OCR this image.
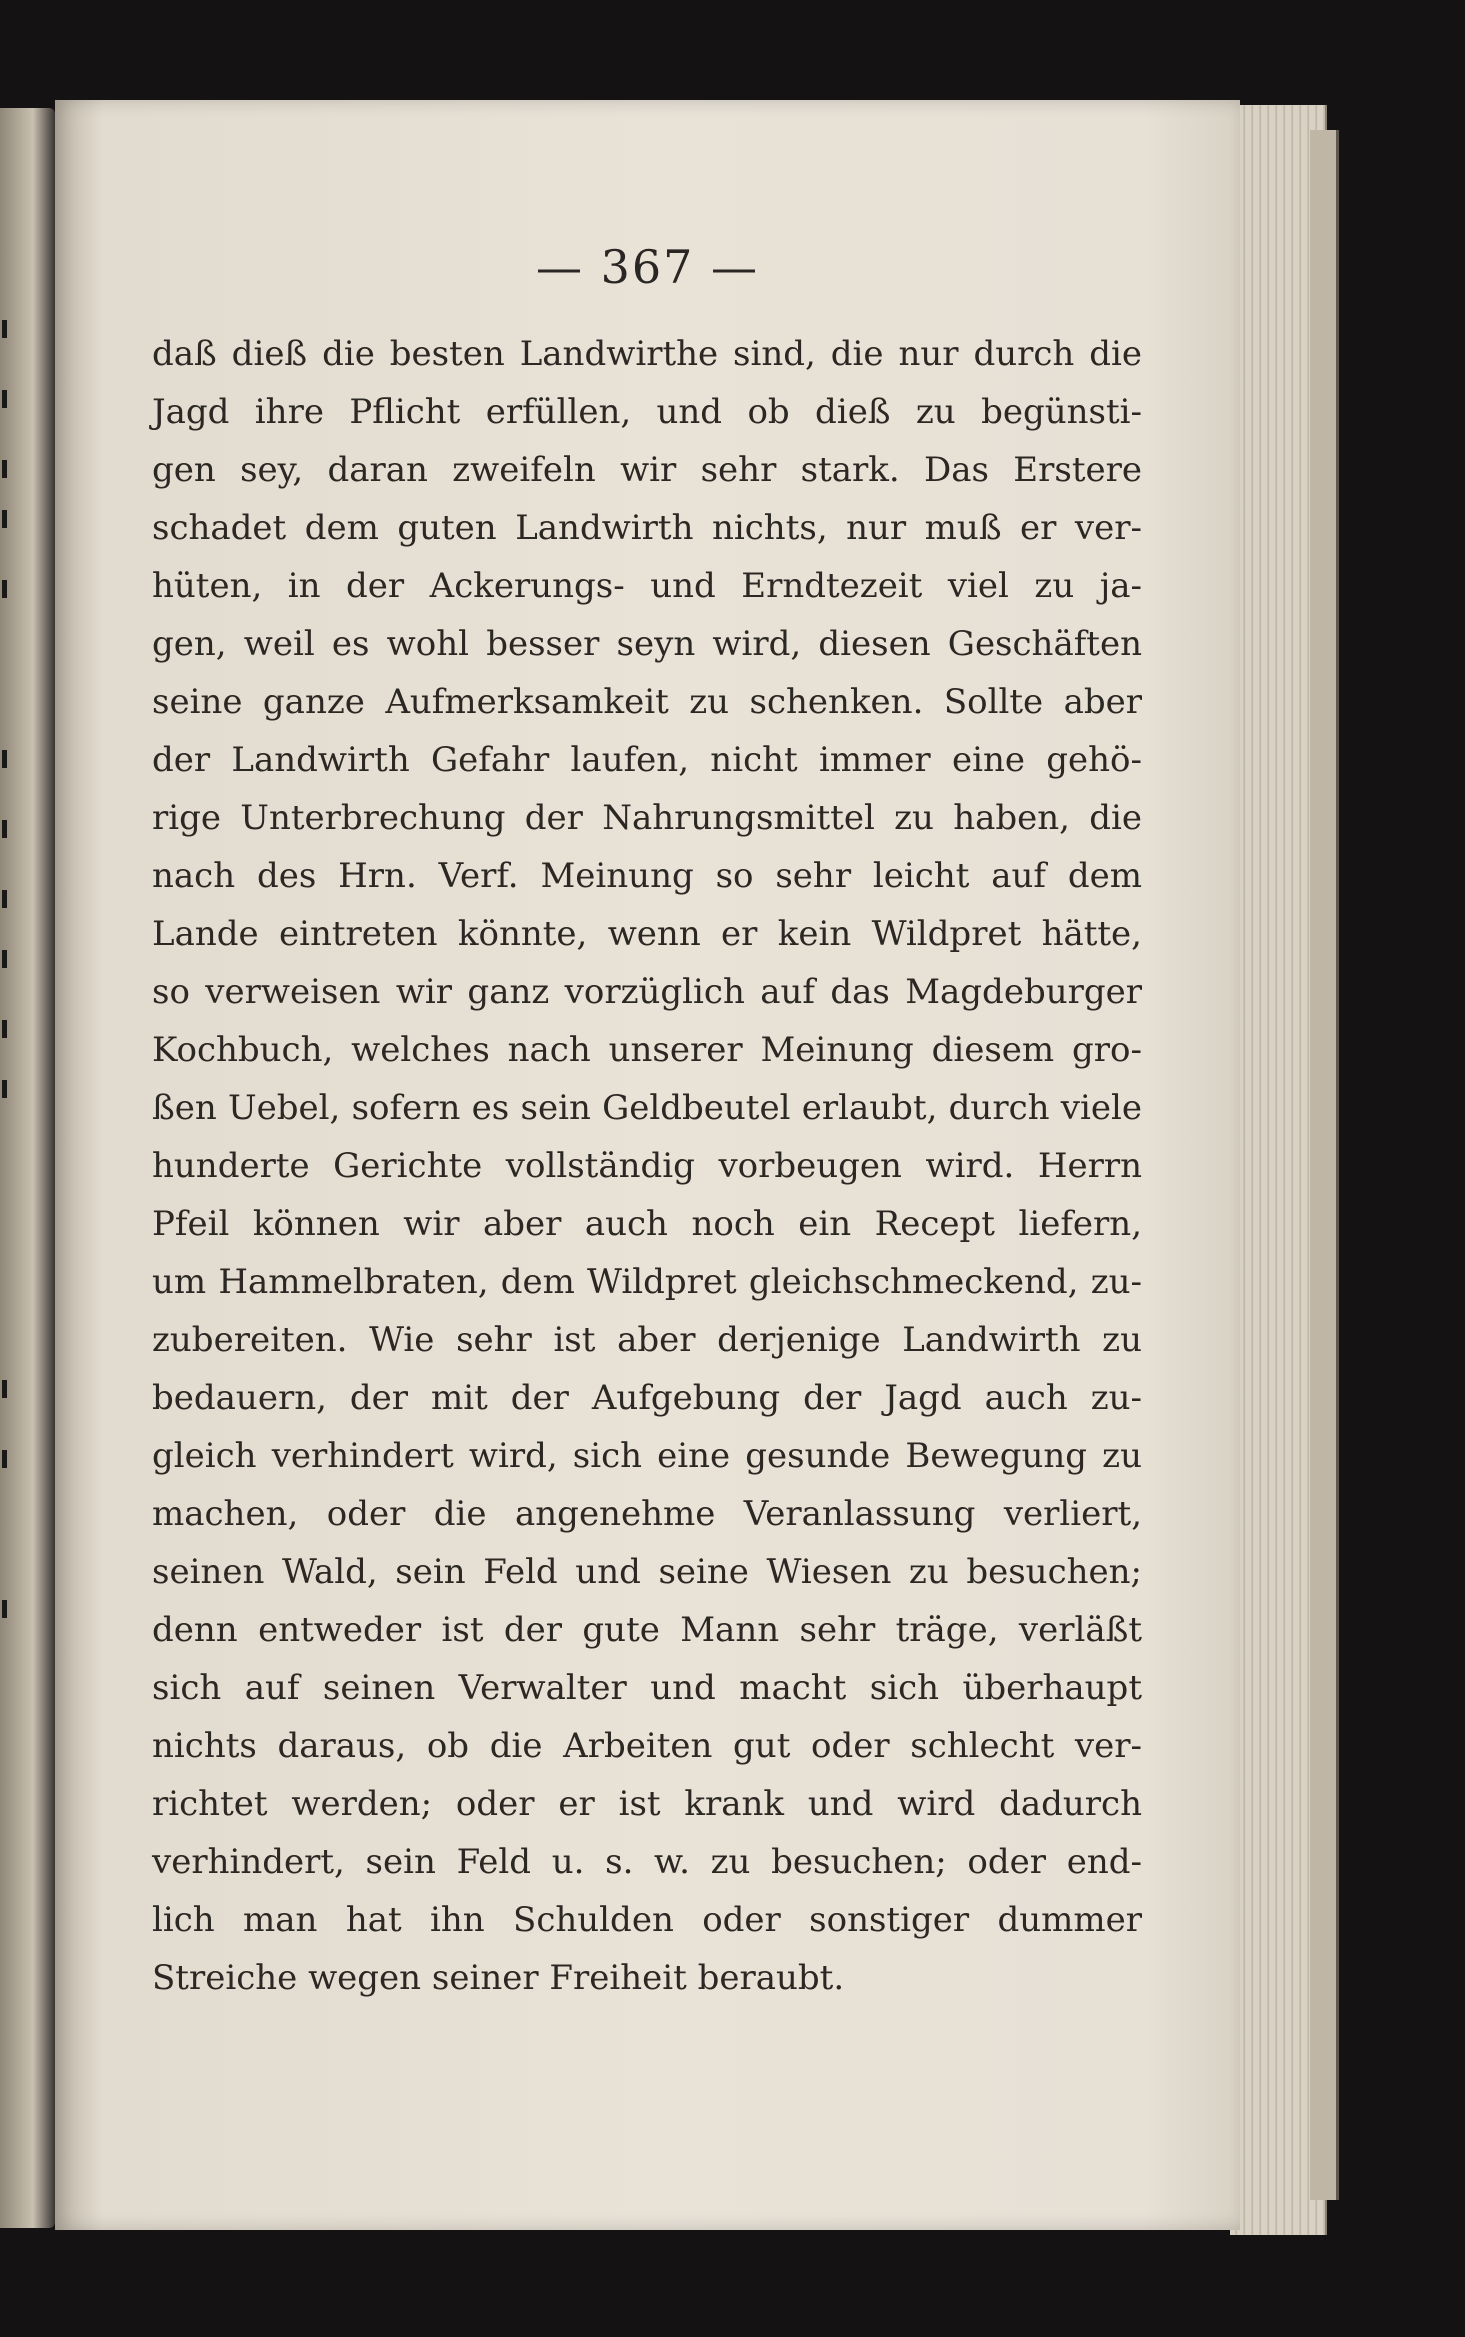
— 367 —
daß dieß die besten Landwirthe sind, die nur durch die
Jagd ihre Pflicht erfüllen, und ob dieß zu begünsti-
gen sey, daran zweifeln wir sehr stark. Das Erstere
schadet dem guten Landwirth nichts, nur muß er ver-
hüten, in der Ackerungs- und Erndtezeit viel zu ja-
gen, weil es wohl besser seyn wird, diesen Geschäften
seine ganze Aufmerksamkeit zu schenken. Sollte aber
der Landwirth Gefahr laufen, nicht immer eine gehö-
rige Unterbrechung der Nahrungsmittel zu haben, die
nach des Hrn. Verf. Meinung so sehr leicht auf dem
Lande eintreten könnte, wenn er kein Wildpret hätte,
so verweisen wir ganz vorzüglich auf das Magdeburger
Kochbuch, welches nach unserer Meinung diesem gro-
ßen Uebel, sofern es sein Geldbeutel erlaubt, durch viele
hunderte Gerichte vollständig vorbeugen wird. Herrn
Pfeil können wir aber auch noch ein Recept liefern,
um Hammelbraten, dem Wildpret gleichschmeckend, zu-
zubereiten. Wie sehr ist aber derjenige Landwirth zu
bedauern, der mit der Aufgebung der Jagd auch zu-
gleich verhindert wird, sich eine gesunde Bewegung zu
machen, oder die angenehme Veranlassung verliert,
seinen Wald, sein Feld und seine Wiesen zu besuchen;
denn entweder ist der gute Mann sehr träge, verläßt
sich auf seinen Verwalter und macht sich überhaupt
nichts daraus, ob die Arbeiten gut oder schlecht ver-
richtet werden; oder er ist krank und wird dadurch
verhindert, sein Feld u. s. w. zu besuchen; oder end-
lich man hat ihn Schulden oder sonstiger dummer
Streiche wegen seiner Freiheit beraubt.
